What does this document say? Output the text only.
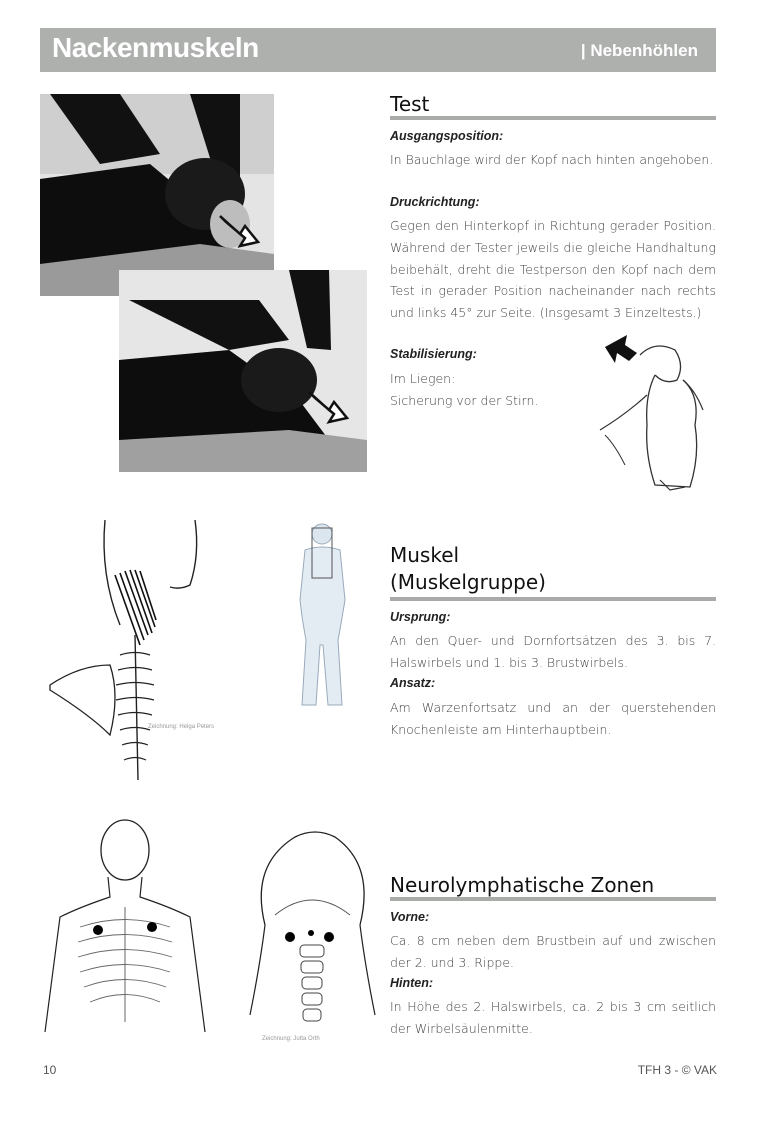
Nackenmuskeln	| Nebenhöhlen
Test
Ausgangsposition:
In Bauchlage wird der Kopf nach hinten angehoben.
Druckrichtung:
Gegen den Hinterkopf in Richtung gerader Position. Während der Tester jeweils die gleiche Handhaltung beibehält, dreht die Testperson den Kopf nach dem Test in gerader Position nacheinander nach rechts und links 45° zur Seite. (Insgesamt 3 Einzeltests.)
Stabilisierung:
Im Liegen:
Sicherung vor der Stirn.
Zeichnung: Helga Peters
Muskel
(Muskelgruppe)
Ursprung:
An den Quer- und Dornfortsätzen des 3. bis 7. Halswirbels und 1. bis 3. Brustwirbels.
Ansatz:
Am Warzenfortsatz und an der querstehenden Knochenleiste am Hinterhauptbein.
Zeichnung: Jutta Orth
Neurolymphatische Zonen
Vorne:
Ca. 8 cm neben dem Brustbein auf und zwischen der 2. und 3. Rippe.
Hinten:
In Höhe des 2. Halswirbels, ca. 2 bis 3 cm seitlich der Wirbelsäulenmitte.
10	TFH 3 - © VAK
